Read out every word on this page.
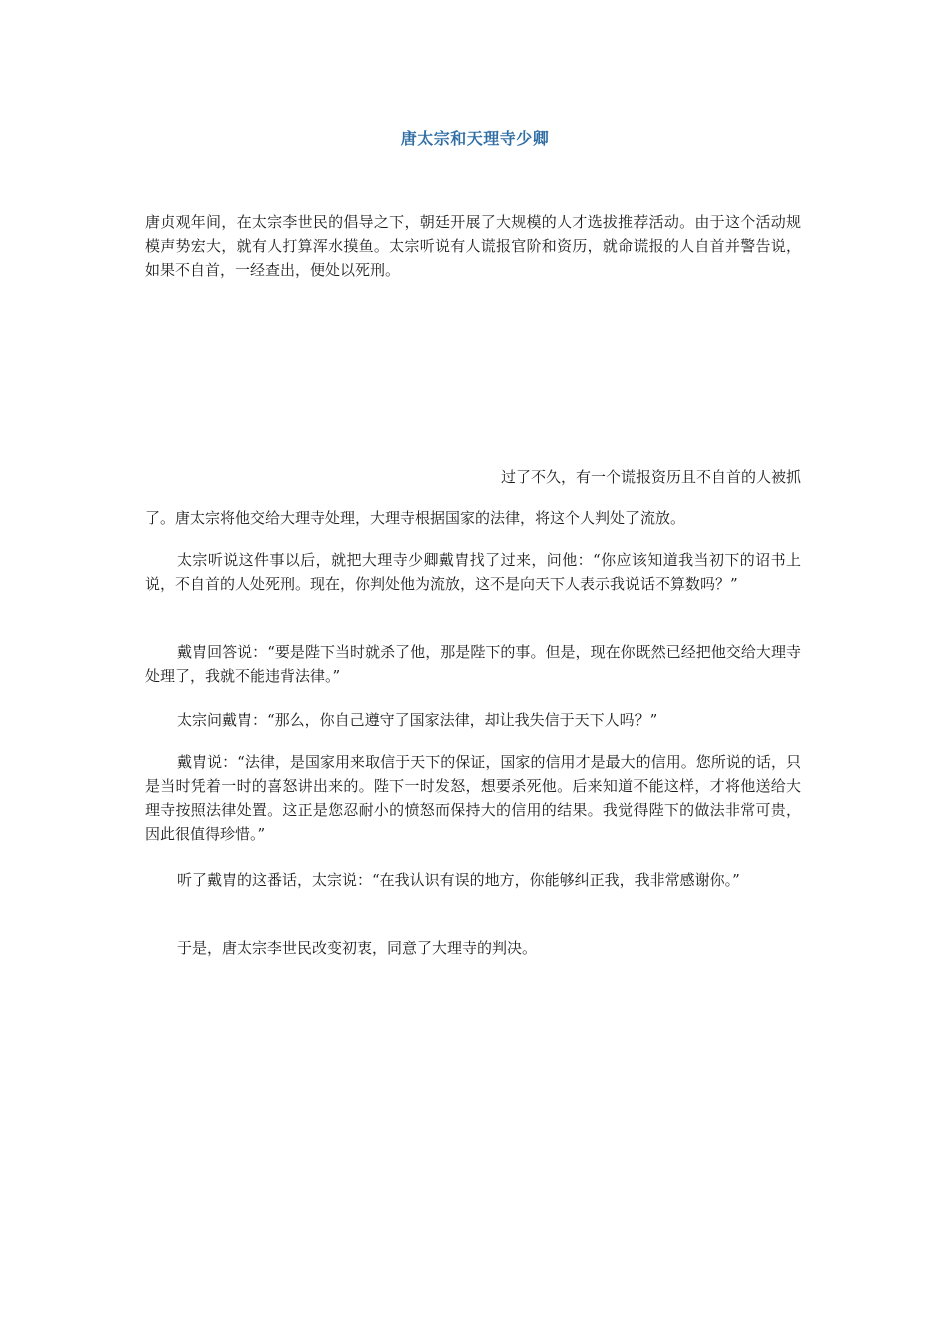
唐太宗和天理寺少卿

唐贞观年间，在太宗李世民的倡导之下，朝廷开展了大规模的人才选拔推荐活动。由于这个活动规模声势宏大，就有人打算浑水摸鱼。太宗听说有人谎报官阶和资历，就命谎报的人自首并警告说，如果不自首，一经查出，便处以死刑。

过了不久，有一个谎报资历且不自首的人被抓

了。唐太宗将他交给大理寺处理，大理寺根据国家的法律，将这个人判处了流放。

太宗听说这件事以后，就把大理寺少卿戴胄找了过来，问他：“你应该知道我当初下的诏书上说，不自首的人处死刑。现在，你判处他为流放，这不是向天下人表示我说话不算数吗？”

戴胄回答说：“要是陛下当时就杀了他，那是陛下的事。但是，现在你既然已经把他交给大理寺处理了，我就不能违背法律。”

太宗问戴胄：“那么，你自己遵守了国家法律，却让我失信于天下人吗？”

戴胄说：“法律，是国家用来取信于天下的保证，国家的信用才是最大的信用。您所说的话，只是当时凭着一时的喜怒讲出来的。陛下一时发怒，想要杀死他。后来知道不能这样，才将他送给大理寺按照法律处置。这正是您忍耐小的愤怒而保持大的信用的结果。我觉得陛下的做法非常可贵，因此很值得珍惜。”

听了戴胄的这番话，太宗说：“在我认识有误的地方，你能够纠正我，我非常感谢你。”

于是，唐太宗李世民改变初衷，同意了大理寺的判决。
